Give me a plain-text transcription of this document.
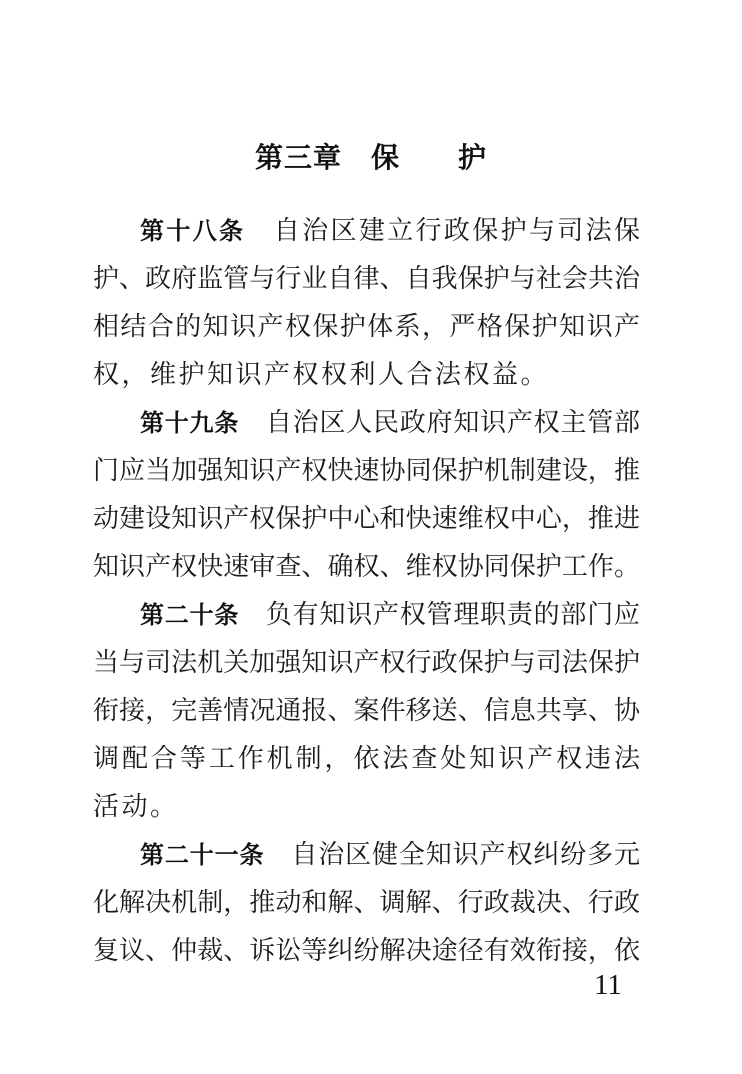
第三章　保　　护
第十八条 自治区建立行政保护与司法保
护、政府监管与行业自律、自我保护与社会共治
相结合的知识产权保护体系，严格保护知识产
权，维护知识产权权利人合法权益。
第十九条 自治区人民政府知识产权主管部
门应当加强知识产权快速协同保护机制建设，推
动建设知识产权保护中心和快速维权中心，推进
知识产权快速审查、确权、维权协同保护工作。
第二十条 负有知识产权管理职责的部门应
当与司法机关加强知识产权行政保护与司法保护
衔接，完善情况通报、案件移送、信息共享、协
调配合等工作机制，依法查处知识产权违法
活动。
第二十一条 自治区健全知识产权纠纷多元
化解决机制，推动和解、调解、行政裁决、行政
复议、仲裁、诉讼等纠纷解决途径有效衔接，依
11
